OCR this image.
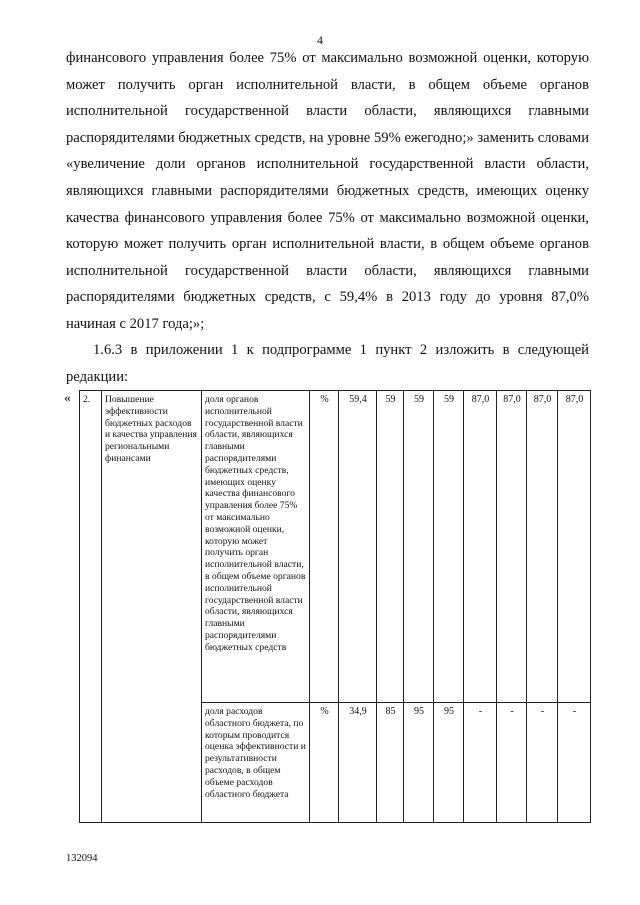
4

финансового управления более 75% от максимально возможной оценки, которую может получить орган исполнительной власти, в общем объеме органов исполнительной государственной власти области, являющихся главными распорядителями бюджетных средств, на уровне 59% ежегодно;» заменить словами «увеличение доли органов исполнительной государственной власти области, являющихся главными распорядителями бюджетных средств, имеющих оценку качества финансового управления более 75% от максимально возможной оценки, которую может получить орган исполнительной власти, в общем объеме органов исполнительной государственной власти области, являющихся главными распорядителями бюджетных средств, с 59,4% в 2013 году до уровня 87,0% начиная с 2017 года;»;

1.6.3 в приложении 1 к подпрограмме 1 пункт 2 изложить в следующей редакции:

« 2.	Повышение эффективности бюджетных расходов и качества управления региональными финансами	доля органов исполнительной государственной власти области, являющихся главными распорядителями бюджетных средств, имеющих оценку качества финансового управления более 75% от максимально возможной оценки, которую может получить орган исполнительной власти, в общем объеме органов исполнительной государственной власти области, являющихся главными распорядителями бюджетных средств	%	59,4	59	59	59	87,0	87,0	87,0	87,0
		доля расходов областного бюджета, по которым проводится оценка эффективности и результативности расходов, в общем объеме расходов областного бюджета	%	34,9	85	95	95	-	-	-	-
132094
